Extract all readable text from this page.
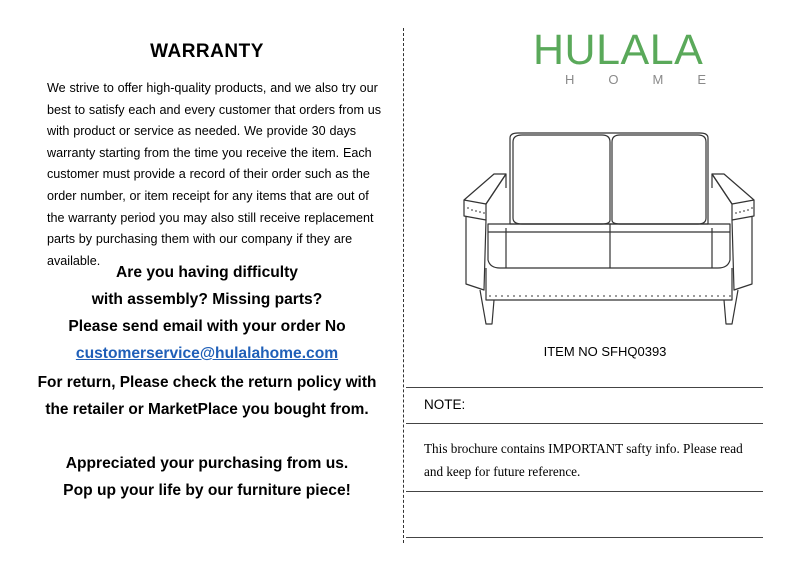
WARRANTY
We strive to offer high-quality products, and we also try our best to satisfy each and every customer that orders from us with product or service as needed. We provide 30 days warranty starting from the time you receive the item. Each customer must provide a record of their order such as the order number, or item receipt for any items that are out of the warranty period you may also still receive replacement parts by purchasing them with our company if they are available.
Are you having difficulty
with assembly? Missing parts?
Please send email with your order No
customerservice@hulalahome.com
For return, Please check the return policy with
the retailer or MarketPlace you bought from.
Appreciated your purchasing from us.
Pop up your life by our furniture piece!
HULALA
HOME
ITEM NO SFHQ0393
NOTE:
This brochure contains IMPORTANT safty info. Please read and keep for future reference.
